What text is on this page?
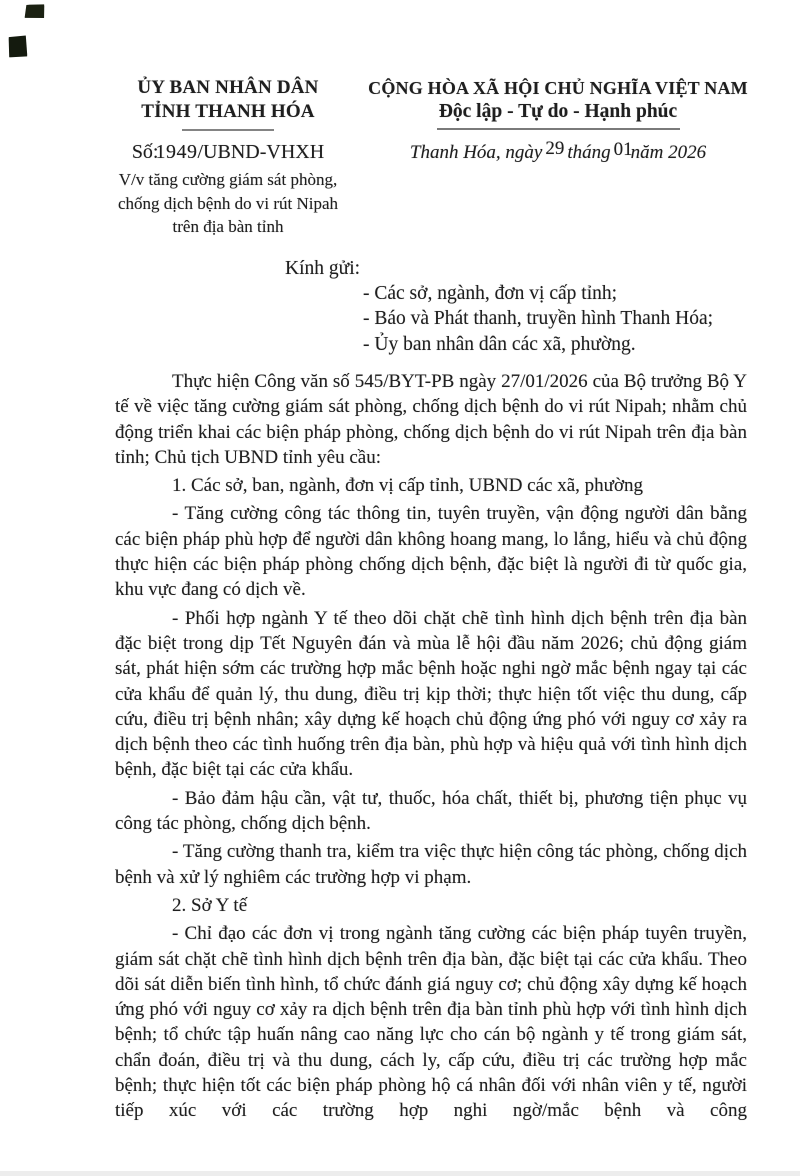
ỦY BAN NHÂN DÂN
TỈNH THANH HÓA
Số:1949/UBND-VHXH
V/v tăng cường giám sát phòng,
chống dịch bệnh do vi rút Nipah
trên địa bàn tỉnh
CỘNG HÒA XÃ HỘI CHỦ NGHĨA VIỆT NAM
Độc lập - Tự do - Hạnh phúc
Thanh Hóa, ngày 29 tháng 01năm 2026
Kính gửi:
- Các sở, ngành, đơn vị cấp tỉnh;
- Báo và Phát thanh, truyền hình Thanh Hóa;
- Ủy ban nhân dân các xã, phường.

Thực hiện Công văn số 545/BYT-PB ngày 27/01/2026 của Bộ trưởng Bộ Y tế về việc tăng cường giám sát phòng, chống dịch bệnh do vi rút Nipah; nhằm chủ động triển khai các biện pháp phòng, chống dịch bệnh do vi rút Nipah trên địa bàn tỉnh; Chủ tịch UBND tỉnh yêu cầu:

1. Các sở, ban, ngành, đơn vị cấp tỉnh, UBND các xã, phường

- Tăng cường công tác thông tin, tuyên truyền, vận động người dân bằng các biện pháp phù hợp để người dân không hoang mang, lo lắng, hiểu và chủ động thực hiện các biện pháp phòng chống dịch bệnh, đặc biệt là người đi từ quốc gia, khu vực đang có dịch về.

- Phối hợp ngành Y tế theo dõi chặt chẽ tình hình dịch bệnh trên địa bàn đặc biệt trong dịp Tết Nguyên đán và mùa lễ hội đầu năm 2026; chủ động giám sát, phát hiện sớm các trường hợp mắc bệnh hoặc nghi ngờ mắc bệnh ngay tại các cửa khẩu để quản lý, thu dung, điều trị kịp thời; thực hiện tốt việc thu dung, cấp cứu, điều trị bệnh nhân; xây dựng kế hoạch chủ động ứng phó với nguy cơ xảy ra dịch bệnh theo các tình huống trên địa bàn, phù hợp và hiệu quả với tình hình dịch bệnh, đặc biệt tại các cửa khẩu.

- Bảo đảm hậu cần, vật tư, thuốc, hóa chất, thiết bị, phương tiện phục vụ công tác phòng, chống dịch bệnh.

- Tăng cường thanh tra, kiểm tra việc thực hiện công tác phòng, chống dịch bệnh và xử lý nghiêm các trường hợp vi phạm.

2. Sở Y tế

- Chỉ đạo các đơn vị trong ngành tăng cường các biện pháp tuyên truyền, giám sát chặt chẽ tình hình dịch bệnh trên địa bàn, đặc biệt tại các cửa khẩu. Theo dõi sát diễn biến tình hình, tổ chức đánh giá nguy cơ; chủ động xây dựng kế hoạch ứng phó với nguy cơ xảy ra dịch bệnh trên địa bàn tỉnh phù hợp với tình hình dịch bệnh; tổ chức tập huấn nâng cao năng lực cho cán bộ ngành y tế trong giám sát, chẩn đoán, điều trị và thu dung, cách ly, cấp cứu, điều trị các trường hợp mắc bệnh; thực hiện tốt các biện pháp phòng hộ cá nhân đối với nhân viên y tế, người tiếp xúc với các trường hợp nghi ngờ/mắc bệnh và công
